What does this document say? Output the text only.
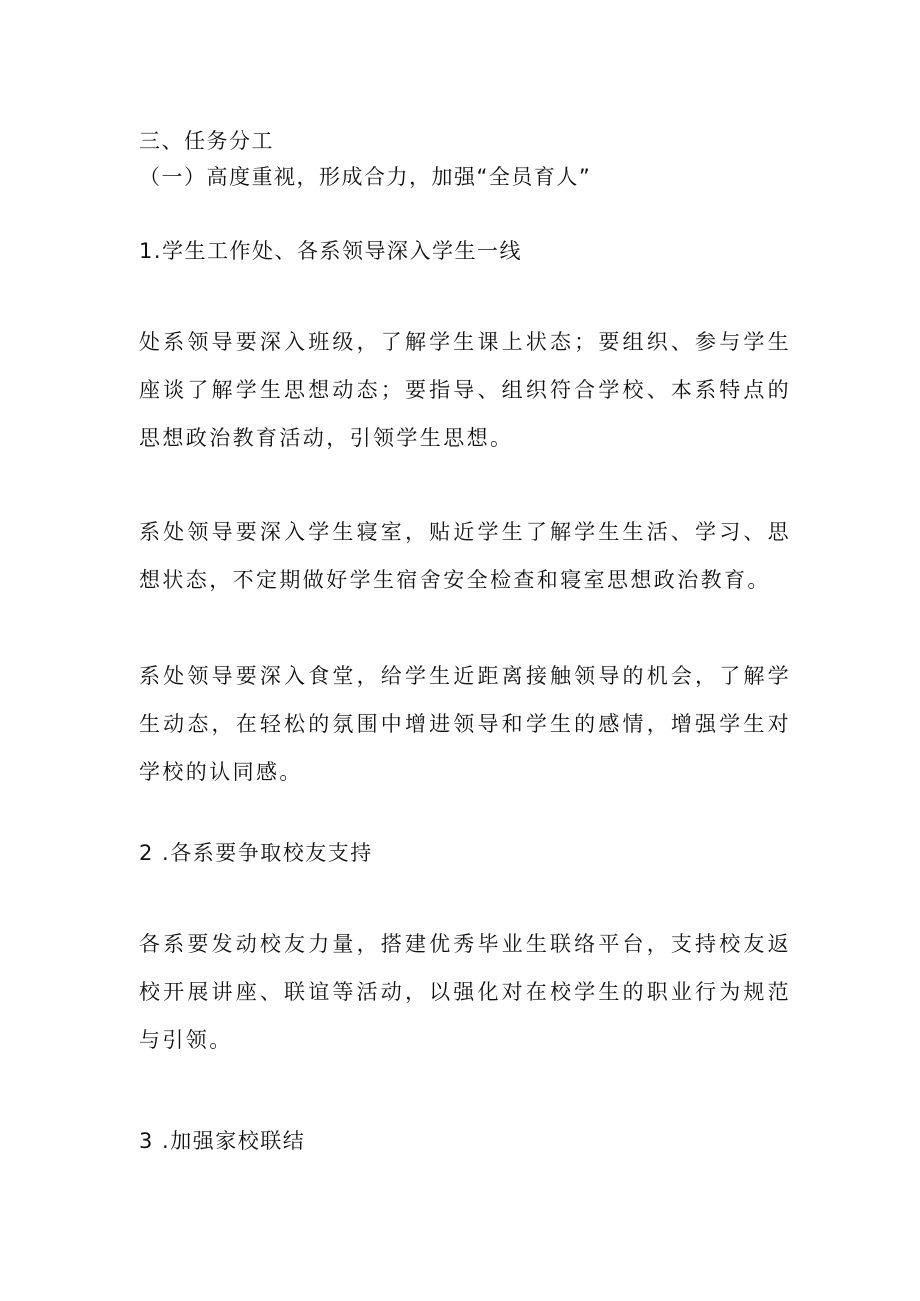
三、任务分工

（一）高度重视，形成合力，加强“全员育人”

1.学生工作处、各系领导深入学生一线

处系领导要深入班级，了解学生课上状态；要组织、参与学生座谈了解学生思想动态；要指导、组织符合学校、本系特点的思想政治教育活动，引领学生思想。

系处领导要深入学生寝室，贴近学生了解学生生活、学习、思想状态，不定期做好学生宿舍安全检查和寝室思想政治教育。

系处领导要深入食堂，给学生近距离接触领导的机会，了解学生动态，在轻松的氛围中增进领导和学生的感情，增强学生对学校的认同感。

2 .各系要争取校友支持

各系要发动校友力量，搭建优秀毕业生联络平台，支持校友返校开展讲座、联谊等活动，以强化对在校学生的职业行为规范与引领。

3 .加强家校联结
